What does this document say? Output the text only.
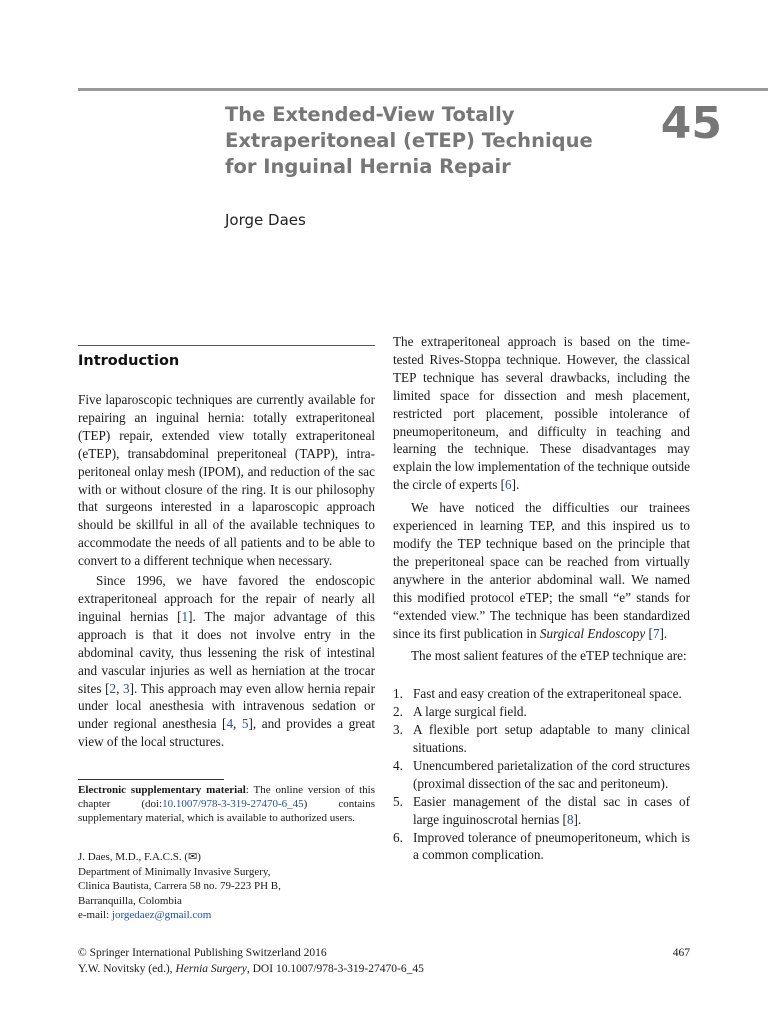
The Extended-View Totally
Extraperitoneal (eTEP) Technique
for Inguinal Hernia Repair
45
Jorge Daes
Introduction

Five laparoscopic techniques are currently available for repairing an inguinal hernia: totally extraperitoneal (TEP) repair, extended view totally extraperitoneal (eTEP), transabdominal preperitoneal (TAPP), intra-peritoneal onlay mesh (IPOM), and reduction of the sac with or without closure of the ring. It is our philosophy that surgeons interested in a laparoscopic approach should be skillful in all of the available techniques to accommodate the needs of all patients and to be able to convert to a different technique when necessary.

Since 1996, we have favored the endoscopic extraperitoneal approach for the repair of nearly all inguinal hernias [1]. The major advantage of this approach is that it does not involve entry in the abdominal cavity, thus lessening the risk of intestinal and vascular injuries as well as herniation at the trocar sites [2, 3]. This approach may even allow hernia repair under local anesthesia with intravenous sedation or under regional anesthesia [4, 5], and provides a great view of the local structures.

The extraperitoneal approach is based on the time-tested Rives-Stoppa technique. However, the classical TEP technique has several drawbacks, including the limited space for dissection and mesh placement, restricted port placement, possible intolerance of pneumoperitoneum, and difficulty in teaching and learning the technique. These disadvantages may explain the low implementation of the technique outside the circle of experts [6].

We have noticed the difficulties our trainees experienced in learning TEP, and this inspired us to modify the TEP technique based on the principle that the preperitoneal space can be reached from virtually anywhere in the anterior abdominal wall. We named this modified protocol eTEP; the small “e” stands for “extended view.” The technique has been standardized since its first publication in Surgical Endoscopy [7].

The most salient features of the eTEP technique are:

1. Fast and easy creation of the extraperitoneal space.
2. A large surgical field.
3. A flexible port setup adaptable to many clinical situations.
4. Unencumbered parietalization of the cord structures (proximal dissection of the sac and peritoneum).
5. Easier management of the distal sac in cases of large inguinoscrotal hernias [8].
6. Improved tolerance of pneumoperitoneum, which is a common complication.
Electronic supplementary material: The online version of this chapter (doi:10.1007/978-3-319-27470-6_45) contains supplementary material, which is available to authorized users.
J. Daes, M.D., F.A.C.S. (✉)
Department of Minimally Invasive Surgery,
Clinica Bautista, Carrera 58 no. 79-223 PH B,
Barranquilla, Colombia
e-mail: jorgedaez@gmail.com
© Springer International Publishing Switzerland 2016
Y.W. Novitsky (ed.), Hernia Surgery, DOI 10.1007/978-3-319-27470-6_45
467
